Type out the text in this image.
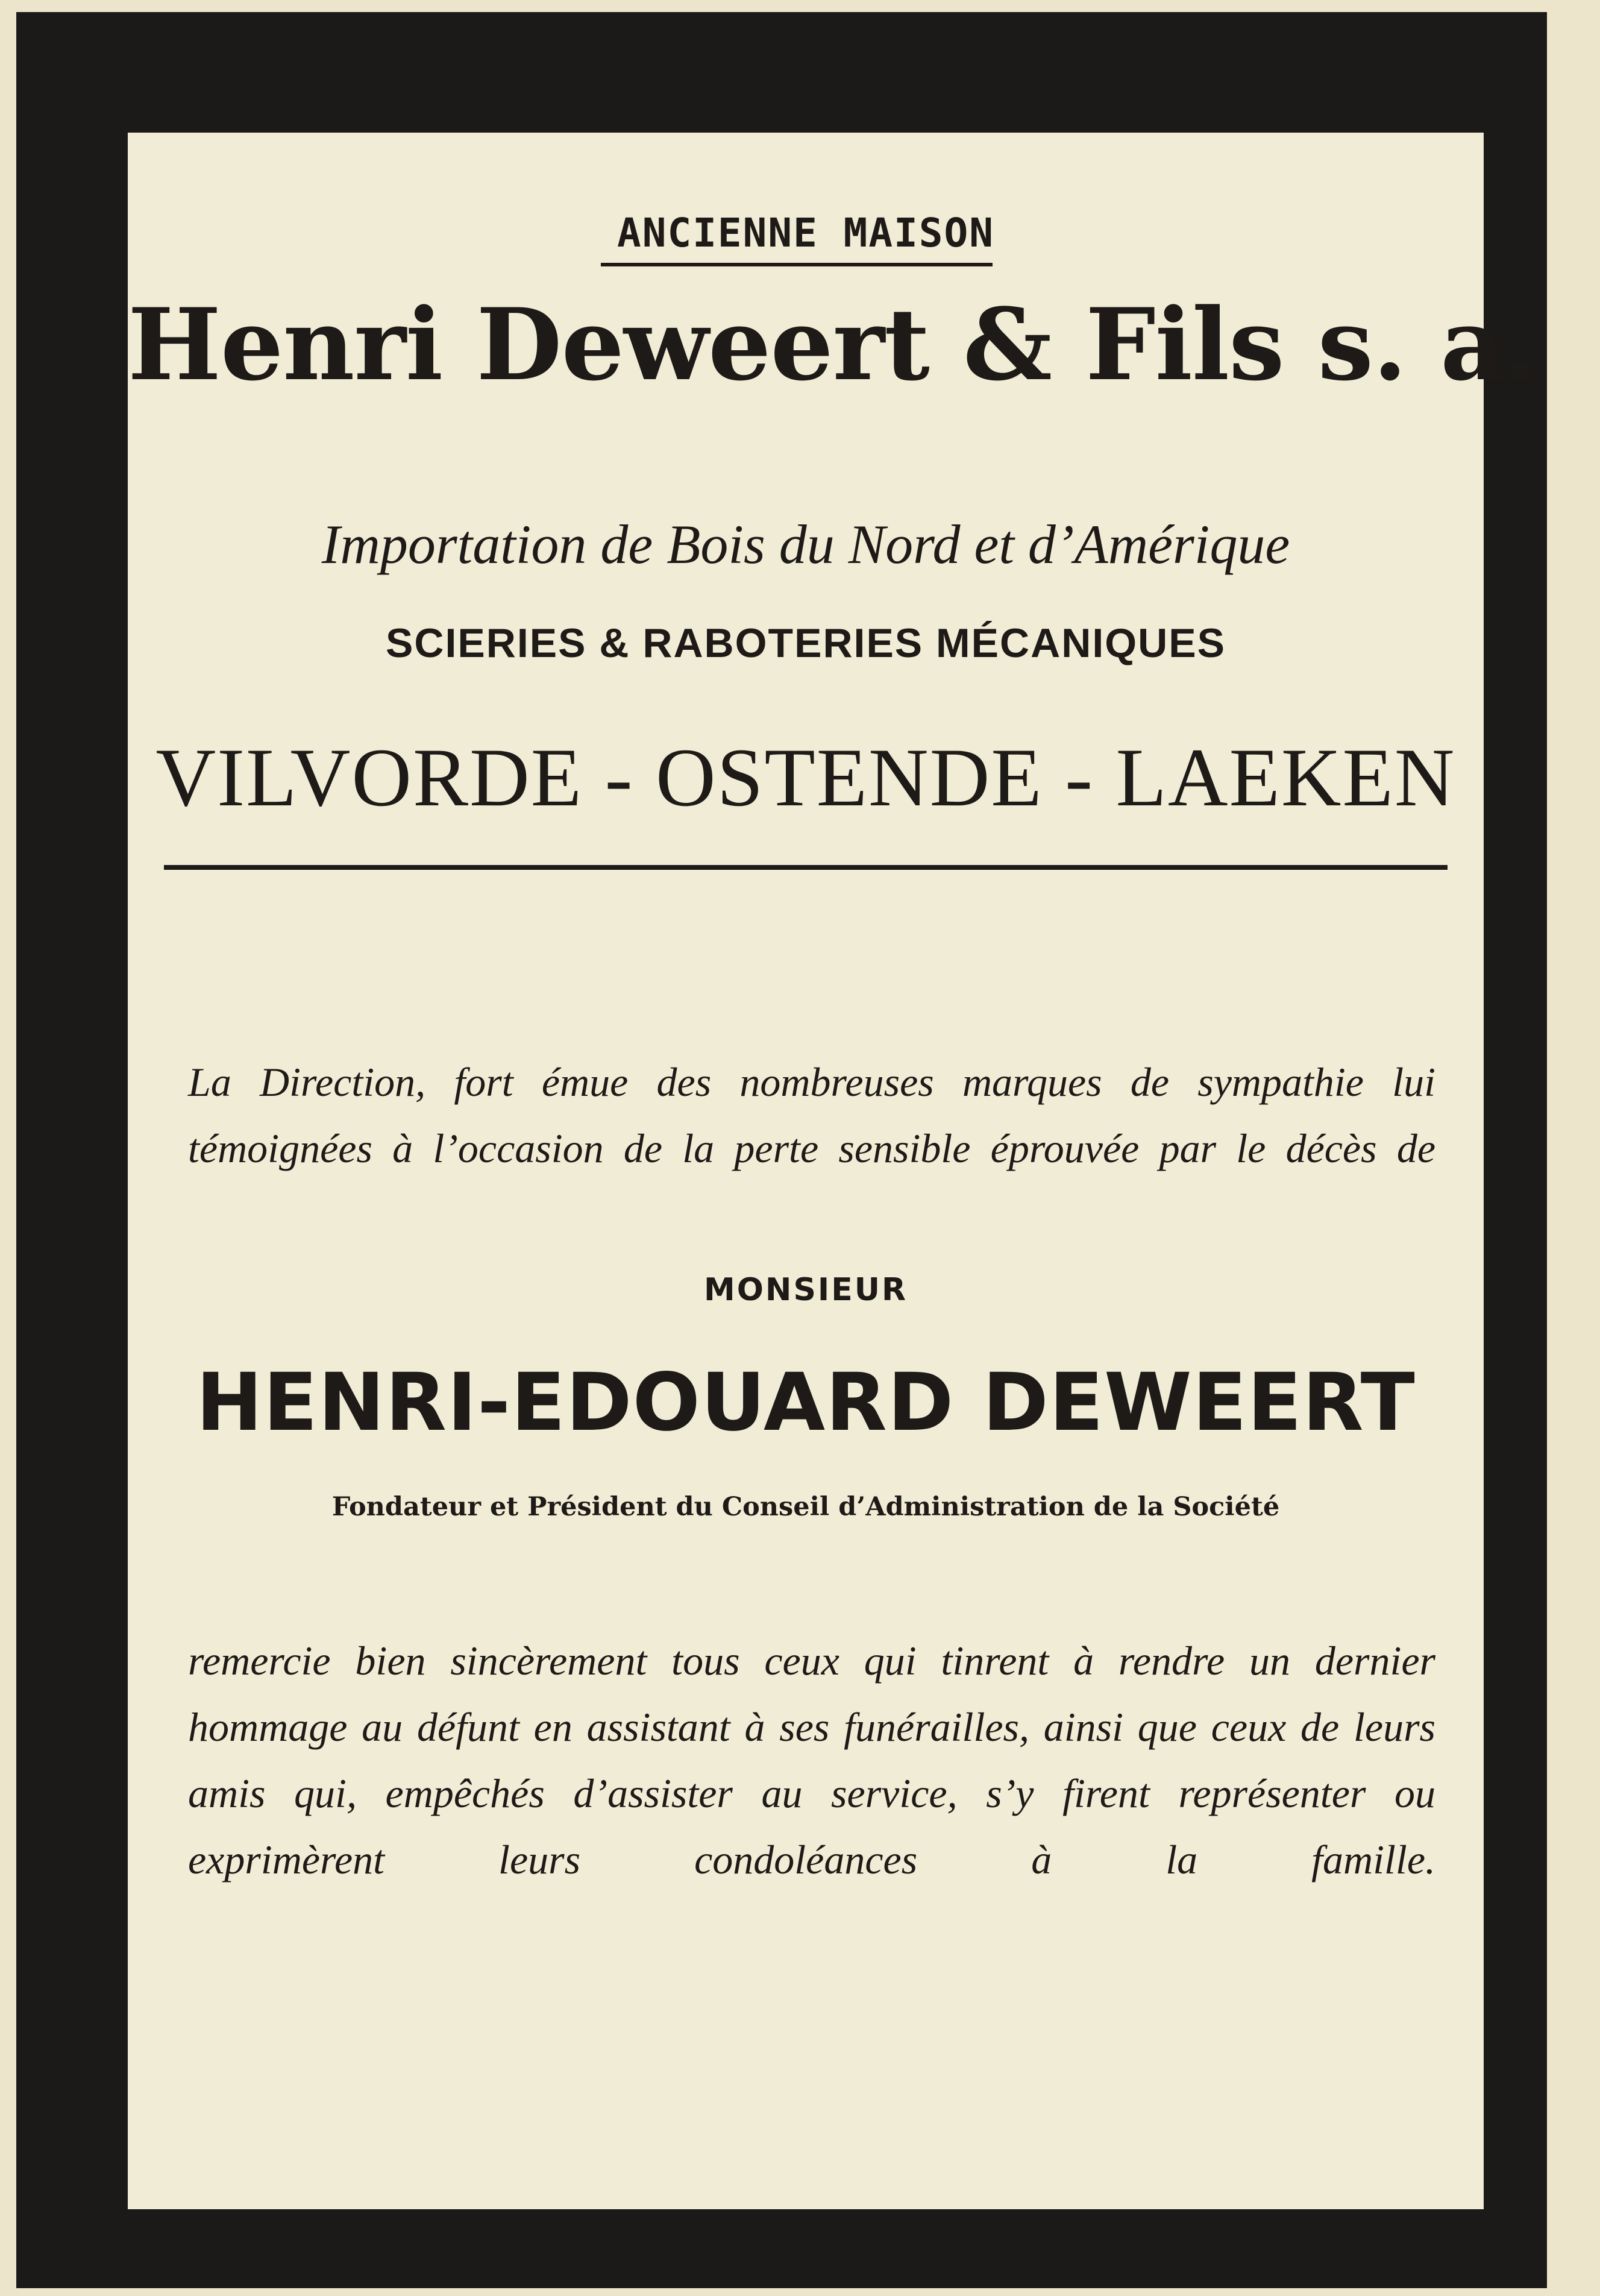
ANCIENNE MAISON
Henri Deweert & Fils s. a.
Importation de Bois du Nord et d’Amérique
SCIERIES & RABOTERIES MÉCANIQUES
VILVORDE - OSTENDE - LAEKEN
La Direction, fort émue des nombreuses marques de sympathie lui témoignées à l’occasion de la perte sensible éprouvée par le décès de
MONSIEUR
HENRI-EDOUARD DEWEERT
Fondateur et Président du Conseil d’Administration de la Société
remercie bien sincèrement tous ceux qui tinrent à rendre un dernier hommage au défunt en assistant à ses funérailles, ainsi que ceux de leurs amis qui, empêchés d’assister au service, s’y firent représenter ou exprimèrent leurs condoléances à la famille.
